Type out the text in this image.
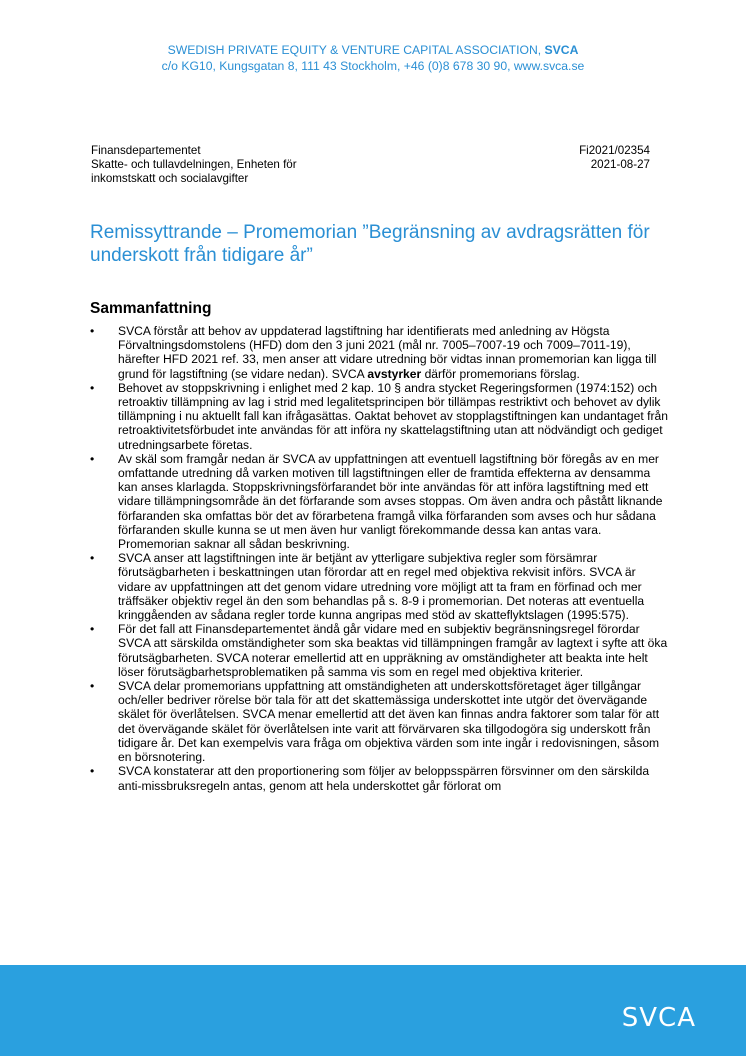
SWEDISH PRIVATE EQUITY & VENTURE CAPITAL ASSOCIATION, SVCA
c/o KG10, Kungsgatan 8, 111 43 Stockholm, +46 (0)8 678 30 90, www.svca.se
Finansdepartementet
Skatte- och tullavdelningen, Enheten för
inkomstskatt och socialavgifter
Fi2021/02354
2021-08-27
Remissyttrande – Promemorian ”Begränsning av avdragsrätten för underskott från tidigare år”
Sammanfattning
• SVCA förstår att behov av uppdaterad lagstiftning har identifierats med anledning av Högsta Förvaltningsdomstolens (HFD) dom den 3 juni 2021 (mål nr. 7005–7007-19 och 7009–7011-19), härefter HFD 2021 ref. 33, men anser att vidare utredning bör vidtas innan promemorian kan ligga till grund för lagstiftning (se vidare nedan). SVCA avstyrker därför promemorians förslag.
• Behovet av stoppskrivning i enlighet med 2 kap. 10 § andra stycket Regeringsformen (1974:152) och retroaktiv tillämpning av lag i strid med legalitetsprincipen bör tillämpas restriktivt och behovet av dylik tillämpning i nu aktuellt fall kan ifrågasättas. Oaktat behovet av stopplagstiftningen kan undantaget från retroaktivitetsförbudet inte användas för att införa ny skattelagstiftning utan att nödvändigt och gediget utredningsarbete företas.
• Av skäl som framgår nedan är SVCA av uppfattningen att eventuell lagstiftning bör föregås av en mer omfattande utredning då varken motiven till lagstiftningen eller de framtida effekterna av densamma kan anses klarlagda. Stoppskrivningsförfarandet bör inte användas för att införa lagstiftning med ett vidare tillämpningsområde än det förfarande som avses stoppas. Om även andra och påstått liknande förfaranden ska omfattas bör det av förarbetena framgå vilka förfaranden som avses och hur sådana förfaranden skulle kunna se ut men även hur vanligt förekommande dessa kan antas vara. Promemorian saknar all sådan beskrivning.
• SVCA anser att lagstiftningen inte är betjänt av ytterligare subjektiva regler som försämrar förutsägbarheten i beskattningen utan förordar att en regel med objektiva rekvisit införs. SVCA är vidare av uppfattningen att det genom vidare utredning vore möjligt att ta fram en förfinad och mer träffsäker objektiv regel än den som behandlas på s. 8-9 i promemorian. Det noteras att eventuella kringgåenden av sådana regler torde kunna angripas med stöd av skatteflyktslagen (1995:575).
• För det fall att Finansdepartementet ändå går vidare med en subjektiv begränsningsregel förordar SVCA att särskilda omständigheter som ska beaktas vid tillämpningen framgår av lagtext i syfte att öka förutsägbarheten. SVCA noterar emellertid att en uppräkning av omständigheter att beakta inte helt löser förutsägbarhetsproblematiken på samma vis som en regel med objektiva kriterier.
• SVCA delar promemorians uppfattning att omständigheten att underskottsföretaget äger tillgångar och/eller bedriver rörelse bör tala för att det skattemässiga underskottet inte utgör det övervägande skälet för överlåtelsen. SVCA menar emellertid att det även kan finnas andra faktorer som talar för att det övervägande skälet för överlåtelsen inte varit att förvärvaren ska tillgodogöra sig underskott från tidigare år. Det kan exempelvis vara fråga om objektiva värden som inte ingår i redovisningen, såsom en börsnotering.
• SVCA konstaterar att den proportionering som följer av beloppsspärren försvinner om den särskilda anti-missbruksregeln antas, genom att hela underskottet går förlorat om
SVCA
